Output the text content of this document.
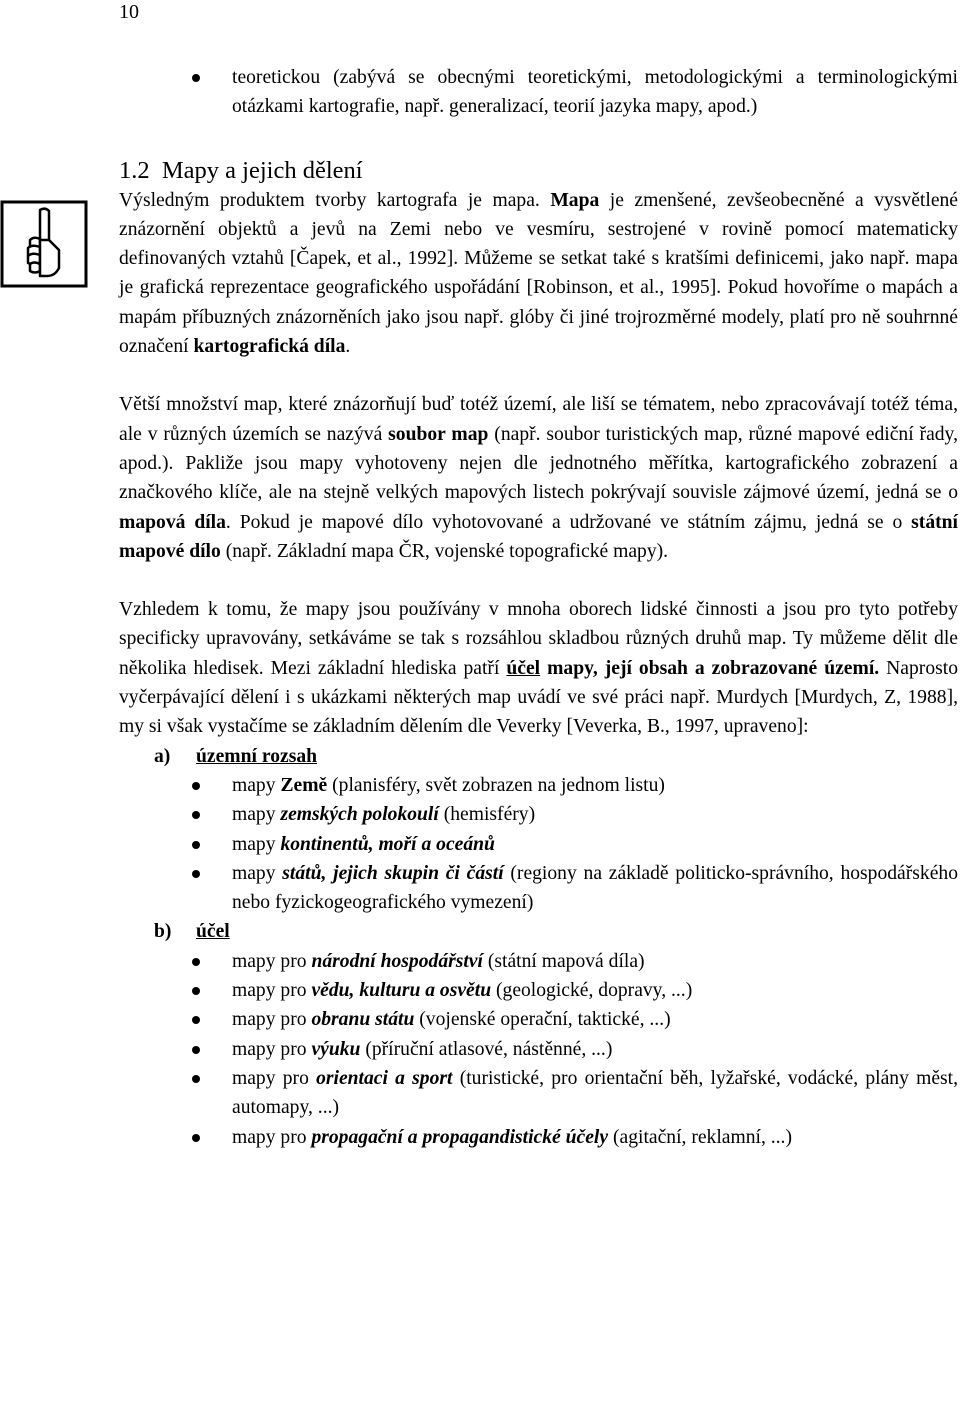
10
teoretickou (zabývá se obecnými teoretickými, metodologickými a terminologickými otázkami kartografie, např. generalizací, teorií jazyka mapy, apod.)
1.2 Mapy a jejich dělení

Výsledným produktem tvorby kartografa je mapa. Mapa je zmenšené, zevšeobecněné a vysvětlené znázornění objektů a jevů na Zemi nebo ve vesmíru, sestrojené v rovině pomocí matematicky definovaných vztahů [Čapek, et al., 1992]. Můžeme se setkat také s kratšími definicemi, jako např. mapa je grafická reprezentace geografického uspořádání [Robinson, et al., 1995]. Pokud hovoříme o mapách a mapám příbuzných znázorněních jako jsou např. glóby či jiné trojrozměrné modely, platí pro ně souhrnné označení kartografická díla.

Větší množství map, které znázorňují buď totéž území, ale liší se tématem, nebo zpracovávají totéž téma, ale v různých územích se nazývá soubor map (např. soubor turistických map, různé mapové ediční řady, apod.). Pakliže jsou mapy vyhotoveny nejen dle jednotného měřítka, kartografického zobrazení a značkového klíče, ale na stejně velkých mapových listech pokrývají souvisle zájmové území, jedná se o mapová díla. Pokud je mapové dílo vyhotovované a udržované ve státním zájmu, jedná se o státní mapové dílo (např. Základní mapa ČR, vojenské topografické mapy).

Vzhledem k tomu, že mapy jsou používány v mnoha oborech lidské činnosti a jsou pro tyto potřeby specificky upravovány, setkáváme se tak s rozsáhlou skladbou různých druhů map. Ty můžeme dělit dle několika hledisek. Mezi základní hlediska patří účel mapy, její obsah a zobrazované území. Naprosto vyčerpávající dělení i s ukázkami některých map uvádí ve své práci např. Murdych [Murdych, Z, 1988], my si však vystačíme se základním dělením dle Veverky [Veverka, B., 1997, upraveno]:

a) územní rozsah
mapy Země (planisféry, svět zobrazen na jednom listu)
mapy zemských polokoulí (hemisféry)
mapy kontinentů, moří a oceánů
mapy států, jejich skupin či částí (regiony na základě politicko-správního, hospodářského nebo fyzickogeografického vymezení)
b) účel
mapy pro národní hospodářství (státní mapová díla)
mapy pro vědu, kulturu a osvětu (geologické, dopravy, ...)
mapy pro obranu státu (vojenské operační, taktické, ...)
mapy pro výuku (příruční atlasové, nástěnné, ...)
mapy pro orientaci a sport (turistické, pro orientační běh, lyžařské, vodácké, plány měst, automapy, ...)
mapy pro propagační a propagandistické účely (agitační, reklamní, ...)
